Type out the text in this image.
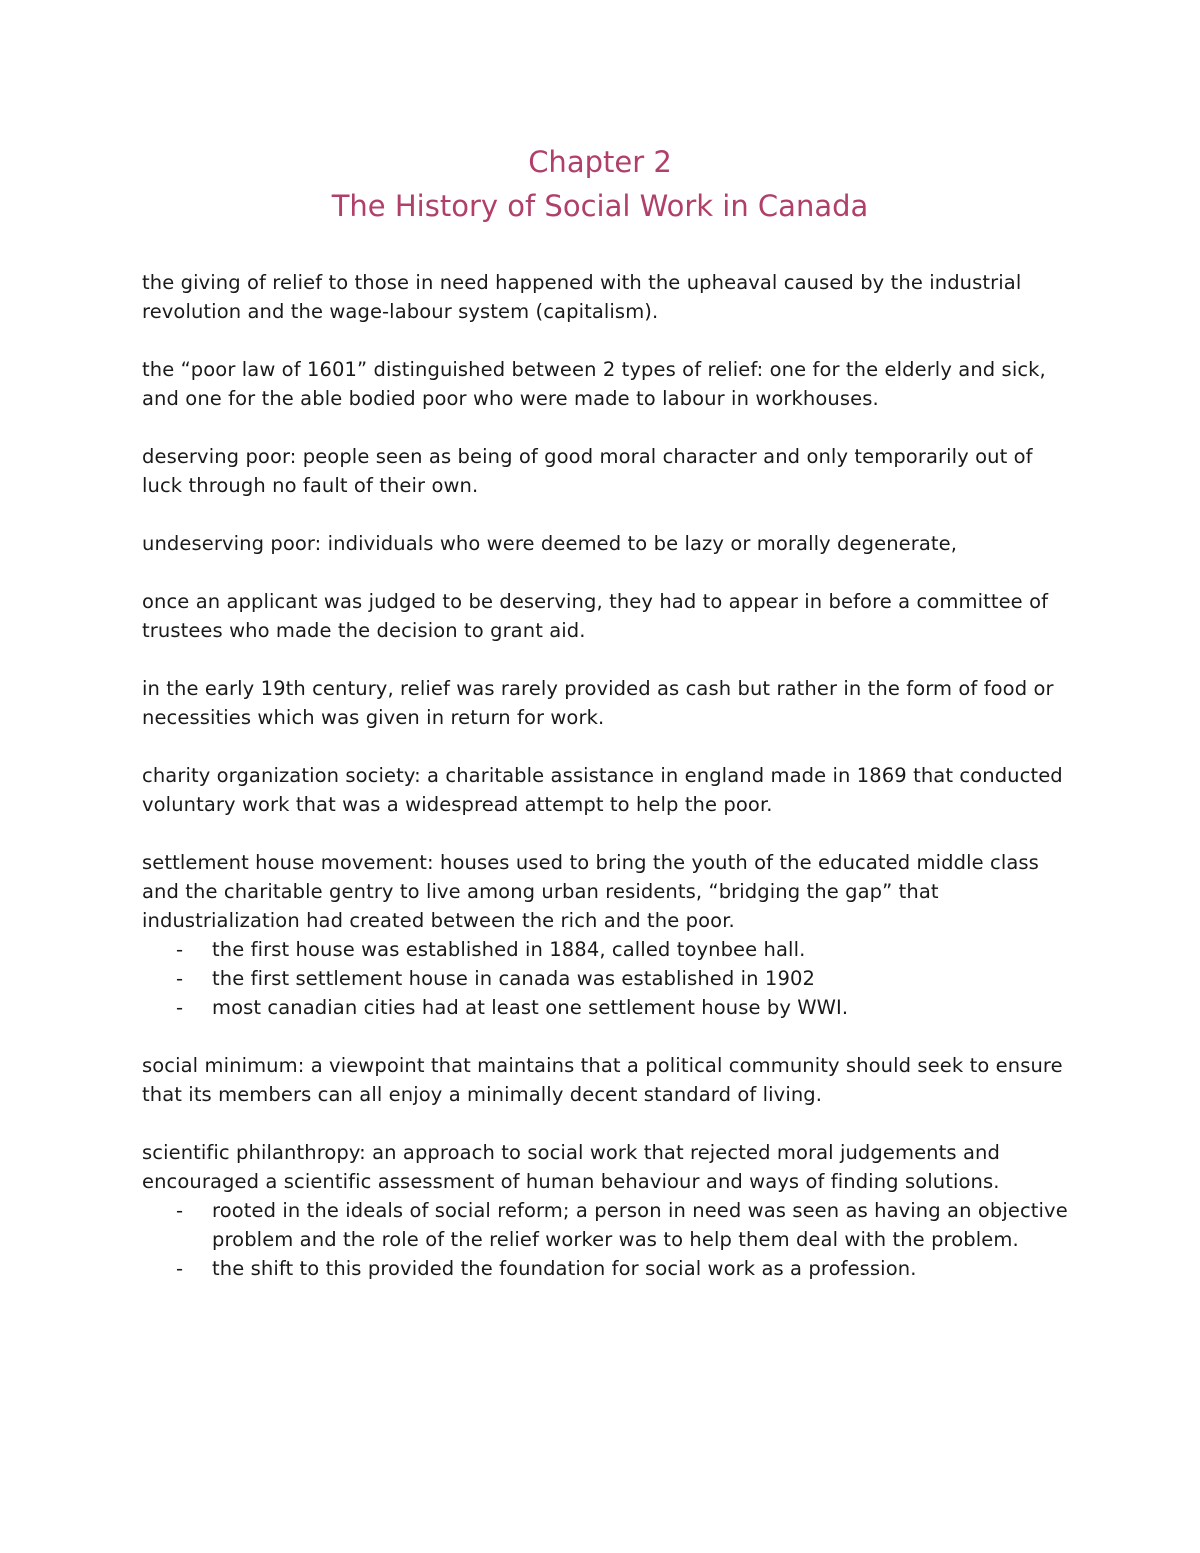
Chapter 2
The History of Social Work in Canada

the giving of relief to those in need happened with the upheaval caused by the industrial revolution and the wage-labour system (capitalism).

the “poor law of 1601” distinguished between 2 types of relief: one for the elderly and sick, and one for the able bodied poor who were made to labour in workhouses.

deserving poor: people seen as being of good moral character and only temporarily out of luck through no fault of their own.

undeserving poor: individuals who were deemed to be lazy or morally degenerate,

once an applicant was judged to be deserving, they had to appear in before a committee of trustees who made the decision to grant aid.

in the early 19th century, relief was rarely provided as cash but rather in the form of food or necessities which was given in return for work.

charity organization society: a charitable assistance in england made in 1869 that conducted voluntary work that was a widespread attempt to help the poor.

settlement house movement: houses used to bring the youth of the educated middle class and the charitable gentry to live among urban residents, “bridging the gap” that industrialization had created between the rich and the poor.

- the first house was established in 1884, called toynbee hall.
- the first settlement house in canada was established in 1902
- most canadian cities had at least one settlement house by WWI.

social minimum: a viewpoint that maintains that a political community should seek to ensure that its members can all enjoy a minimally decent standard of living.

scientific philanthropy: an approach to social work that rejected moral judgements and encouraged a scientific assessment of human behaviour and ways of finding solutions.

- rooted in the ideals of social reform; a person in need was seen as having an objective problem and the role of the relief worker was to help them deal with the problem.
- the shift to this provided the foundation for social work as a profession.
